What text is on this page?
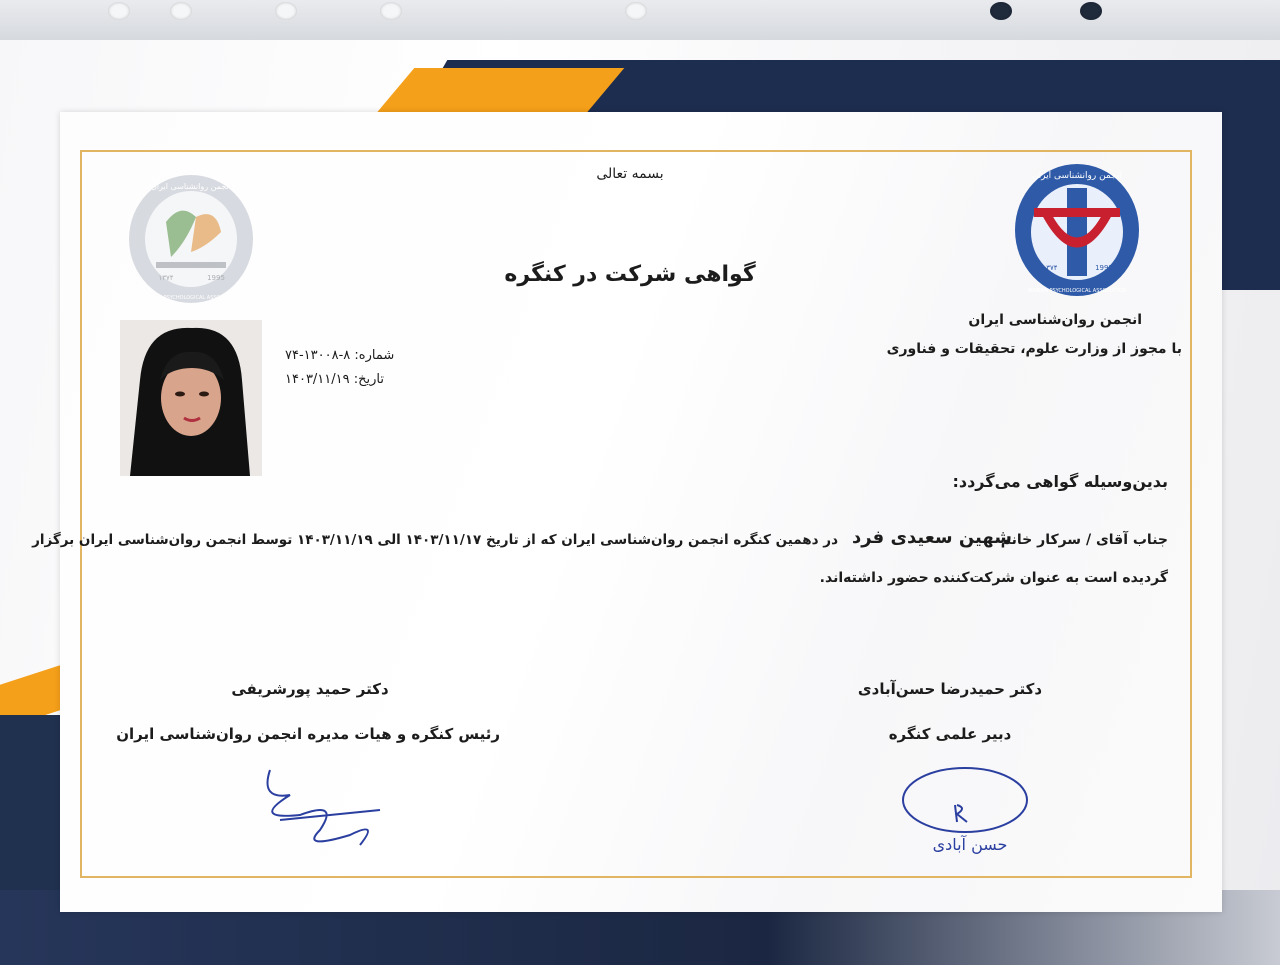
انجمن روانشناسی ایران
IRANIAN PSYCHOLOGICAL ASSOCIATION
۱۳۷۴	1995
انجمن روانشناسی ایران
IRANIAN PSYCHOLOGICAL ASSOCIATION
۱۳۷۴	1995
بسمه تعالی
گواهی شرکت در کنگره
انجمن روان‌شناسی ایران
با مجوز از وزارت علوم، تحقیقات و فناوری
شماره: ۸-۱۳۰۰۸-۷۴
تاریخ: ۱۴۰۳/۱۱/۱۹
بدین‌وسیله گواهی می‌گردد:
جناب آقای / سرکار خانم
شهین سعیدی فرد
در دهمین کنگره انجمن روان‌شناسی ایران که از تاریخ ۱۴۰۳/۱۱/۱۷ الی ۱۴۰۳/۱۱/۱۹ توسط انجمن روان‌شناسی ایران برگزار
گردیده است به عنوان شرکت‌کننده حضور داشته‌اند.
دکتر حمید پورشریفی
رئیس کنگره و هیات مدیره انجمن روان‌شناسی ایران
دکتر حمیدرضا حسن‌آبادی
دبیر علمی کنگره
حسن آبادی
